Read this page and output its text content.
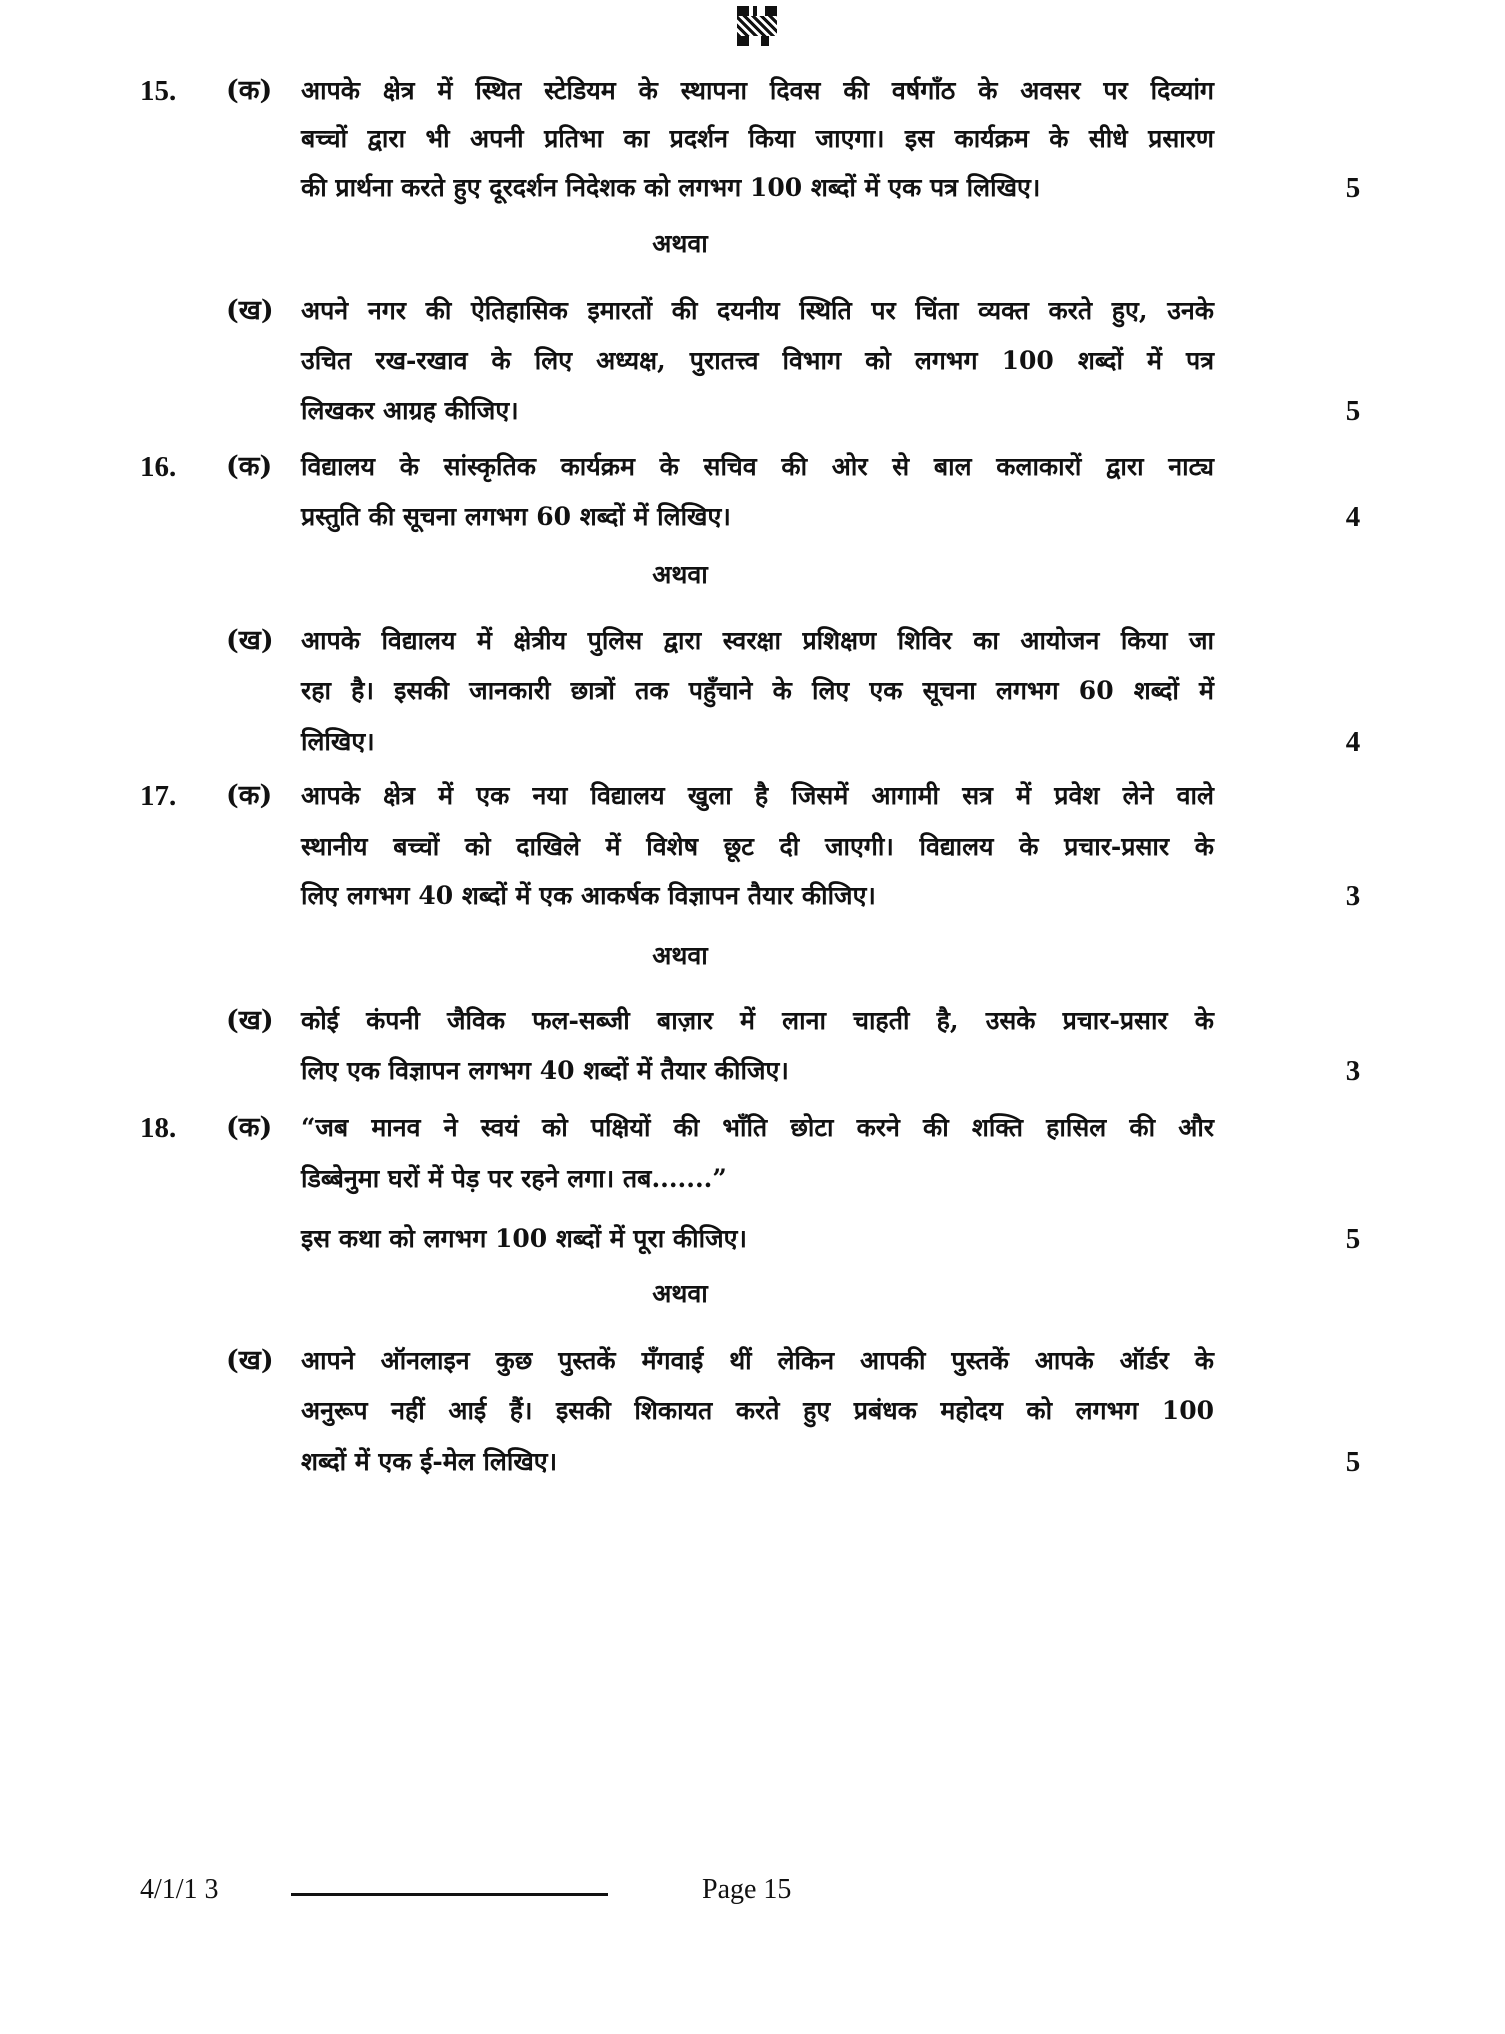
15. (क) आपके क्षेत्र में स्थित स्टेडियम के स्थापना दिवस की वर्षगाँठ के अवसर पर दिव्यांग
बच्चों द्वारा भी अपनी प्रतिभा का प्रदर्शन किया जाएगा। इस कार्यक्रम के सीधे प्रसारण
की प्रार्थना करते हुए दूरदर्शन निदेशक को लगभग 100 शब्दों में एक पत्र लिखिए।	5
अथवा
(ख) अपने नगर की ऐतिहासिक इमारतों की दयनीय स्थिति पर चिंता व्यक्त करते हुए, उनके
उचित रख-रखाव के लिए अध्यक्ष, पुरातत्त्व विभाग को लगभग 100 शब्दों में पत्र
लिखकर आग्रह कीजिए।	5
16. (क) विद्यालय के सांस्कृतिक कार्यक्रम के सचिव की ओर से बाल कलाकारों द्वारा नाट्य
प्रस्तुति की सूचना लगभग 60 शब्दों में लिखिए।	4
अथवा
(ख) आपके विद्यालय में क्षेत्रीय पुलिस द्वारा स्वरक्षा प्रशिक्षण शिविर का आयोजन किया जा
रहा है। इसकी जानकारी छात्रों तक पहुँचाने के लिए एक सूचना लगभग 60 शब्दों में
लिखिए।	4
17. (क) आपके क्षेत्र में एक नया विद्यालय खुला है जिसमें आगामी सत्र में प्रवेश लेने वाले
स्थानीय बच्चों को दाखिले में विशेष छूट दी जाएगी। विद्यालय के प्रचार-प्रसार के
लिए लगभग 40 शब्दों में एक आकर्षक विज्ञापन तैयार कीजिए।	3
अथवा
(ख) कोई कंपनी जैविक फल-सब्जी बाज़ार में लाना चाहती है, उसके प्रचार-प्रसार के
लिए एक विज्ञापन लगभग 40 शब्दों में तैयार कीजिए।	3
18. (क) “जब मानव ने स्वयं को पक्षियों की भाँति छोटा करने की शक्ति हासिल की और
डिब्बेनुमा घरों में पेड़ पर रहने लगा। तब.......”
इस कथा को लगभग 100 शब्दों में पूरा कीजिए।	5
अथवा
(ख) आपने ऑनलाइन कुछ पुस्तकें मँगवाई थीं लेकिन आपकी पुस्तकें आपके ऑर्डर के
अनुरूप नहीं आई हैं। इसकी शिकायत करते हुए प्रबंधक महोदय को लगभग 100
शब्दों में एक ई-मेल लिखिए।	5
4/1/1 3	Page 15
